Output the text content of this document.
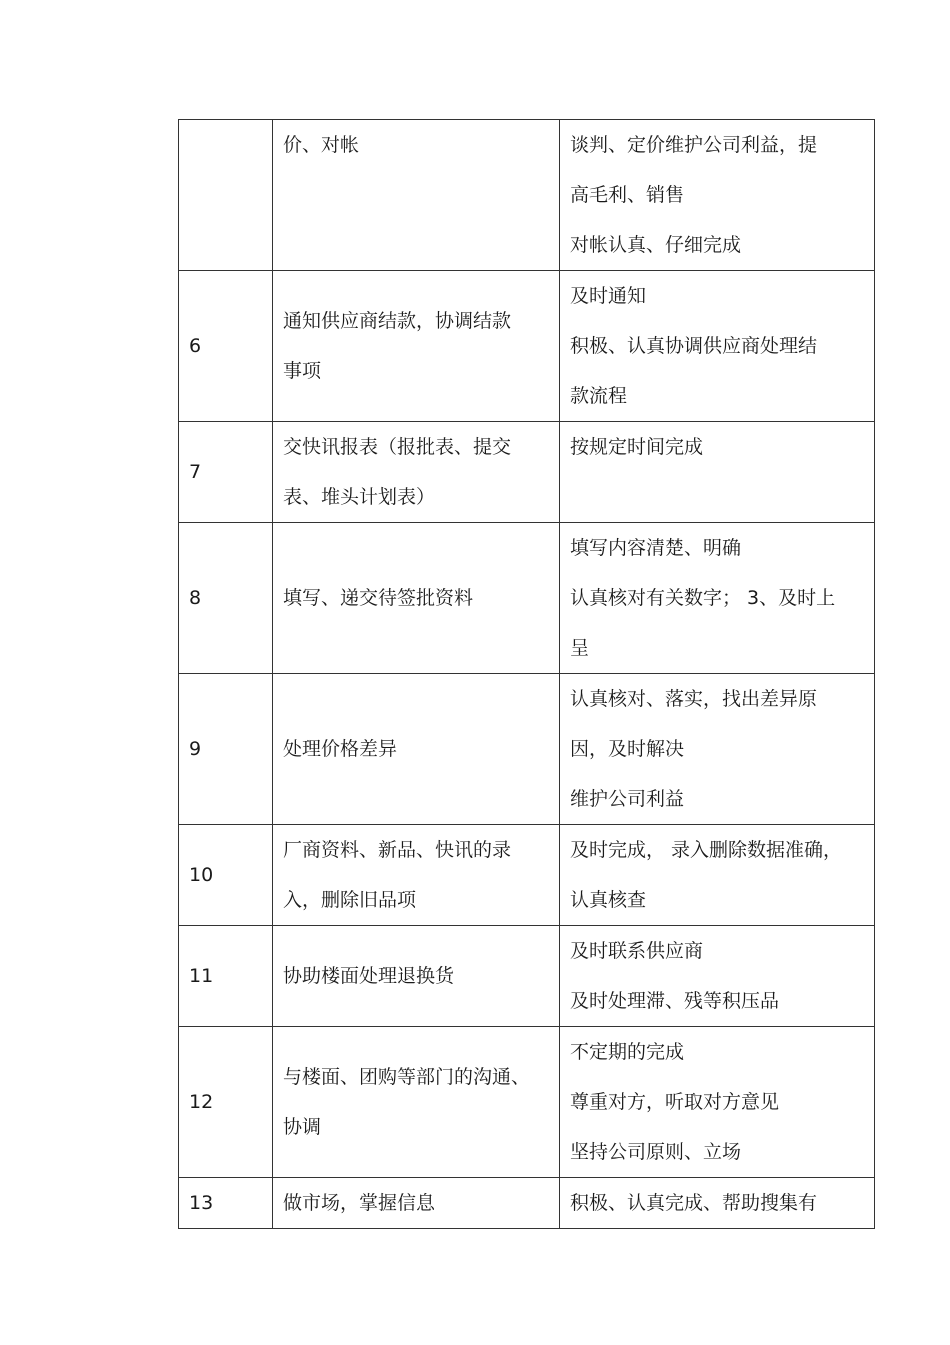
	价、对帐	谈判、定价维护公司利益，提
高毛利、销售
对帐认真、仔细完成

6	通知供应商结款，协调结款
事项	及时通知
积极、认真协调供应商处理结
款流程

7	交快讯报表（报批表、提交
表、堆头计划表）	按规定时间完成

8	填写、递交待签批资料	填写内容清楚、明确
认真核对有关数字； 3、及时上
呈

9	处理价格差异	认真核对、落实，找出差异原
因，及时解决
维护公司利益

10	厂商资料、新品、快讯的录
入，删除旧品项	及时完成， 录入删除数据准确，
认真核查

11	协助楼面处理退换货	及时联系供应商
及时处理滞、残等积压品

12	与楼面、团购等部门的沟通、
协调	不定期的完成
尊重对方，听取对方意见
坚持公司原则、立场

13	做市场，掌握信息	积极、认真完成、帮助搜集有
